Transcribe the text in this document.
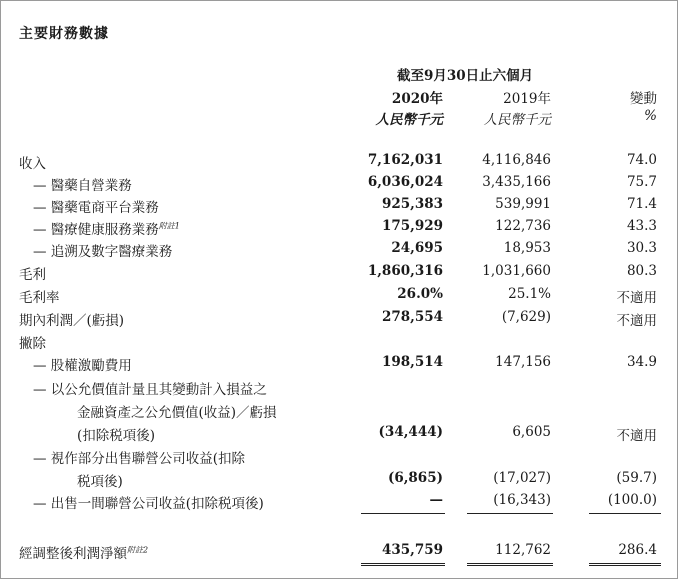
主要財務數據
截至9月30日止六個月
2020年	2019年	變動
人民幣千元	人民幣千元	%
收入	7,162,031	4,116,846	74.0
— 醫藥自營業務	6,036,024	3,435,166	75.7
— 醫藥電商平台業務	925,383	539,991	71.4
— 醫療健康服務業務$^{附註1}$	175,929	122,736	43.3
— 追溯及數字醫療業務	24,695	18,953	30.3
毛利	1,860,316	1,031,660	80.3
毛利率	26.0%	25.1%	不適用
期內利潤／(虧損)	278,554	(7,629)	不適用
撇除
— 股權激勵費用	198,514	147,156	34.9
— 以公允價值計量且其變動計入損益之
金融資產之公允價值(收益)／虧損
(扣除税項後)	(34,444)	6,605	不適用
— 視作部分出售聯營公司收益(扣除
税項後)	(6,865)	(17,027)	(59.7)
— 出售一間聯營公司收益(扣除税項後)	—	(16,343)	(100.0)
經調整後利潤淨額$^{附註2}$	435,759	112,762	286.4
